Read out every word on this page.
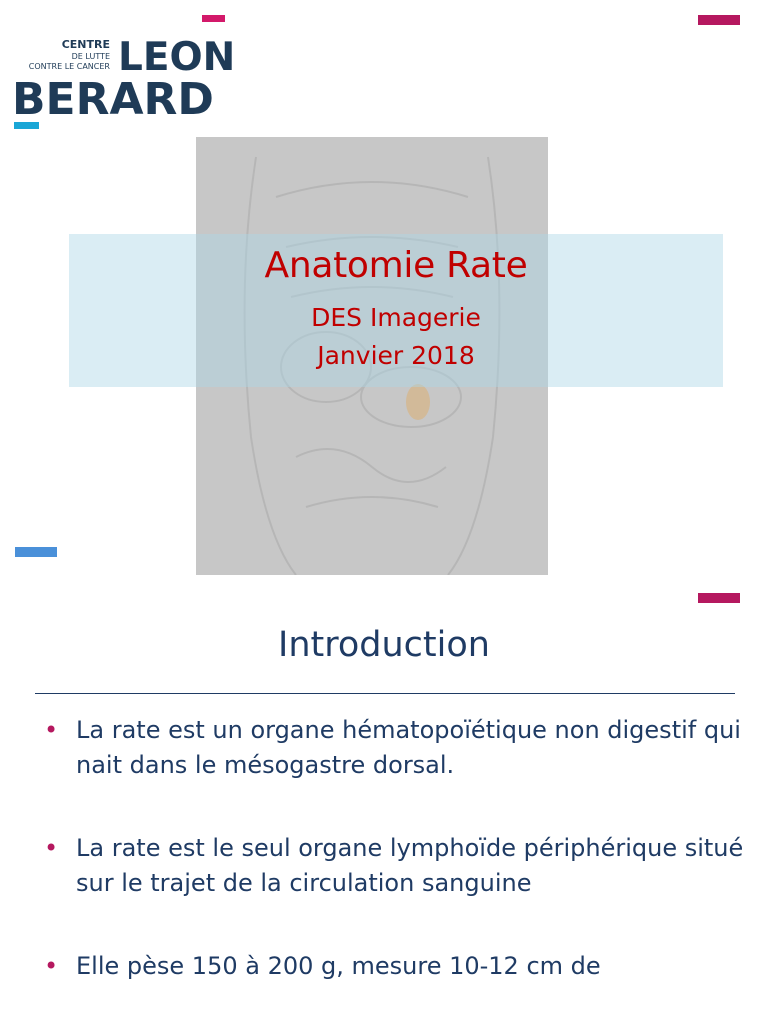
CENTRE
DE LUTTE
CONTRE LE CANCER LEON
BERARD
Anatomie Rate
DES Imagerie
Janvier 2018
Introduction
• La rate est un organe hématopoïétique non digestif qui nait dans le mésogastre dorsal.
• La rate est le seul organe lymphoïde périphérique situé sur le trajet de la circulation sanguine
• Elle pèse 150 à 200 g, mesure 10-12 cm de
